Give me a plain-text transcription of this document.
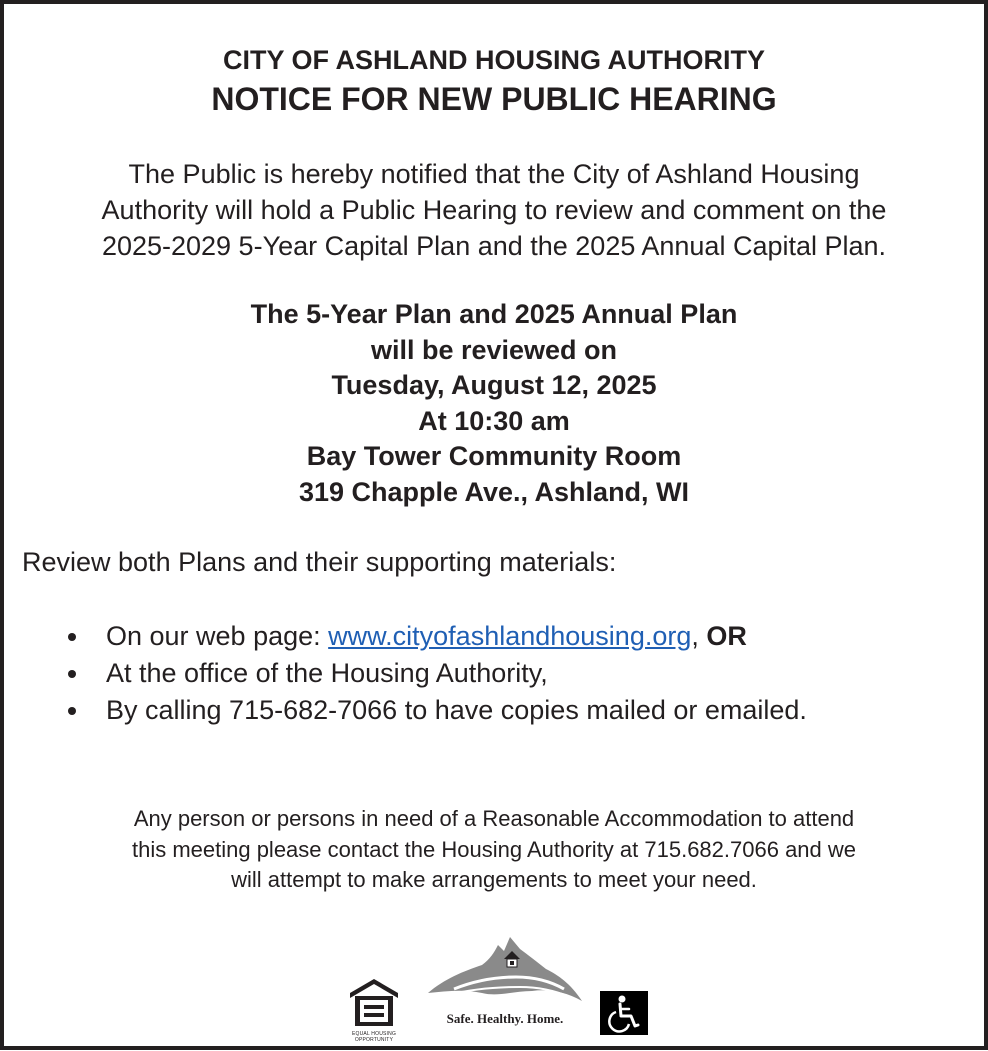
CITY OF ASHLAND HOUSING AUTHORITY
NOTICE FOR NEW PUBLIC HEARING
The Public is hereby notified that the City of Ashland Housing
Authority will hold a Public Hearing to review and comment on the
2025-2029 5-Year Capital Plan and the 2025 Annual Capital Plan.
The 5-Year Plan and 2025 Annual Plan
will be reviewed on
Tuesday, August 12, 2025
At 10:30 am
Bay Tower Community Room
319 Chapple Ave., Ashland, WI
Review both Plans and their supporting materials:
On our web page: www.cityofashlandhousing.org, OR
At the office of the Housing Authority,
By calling 715-682-7066 to have copies mailed or emailed.
Any person or persons in need of a Reasonable Accommodation to attend
this meeting please contact the Housing Authority at 715.682.7066 and we
will attempt to make arrangements to meet your need.
EQUAL HOUSING OPPORTUNITY
Safe. Healthy. Home.
